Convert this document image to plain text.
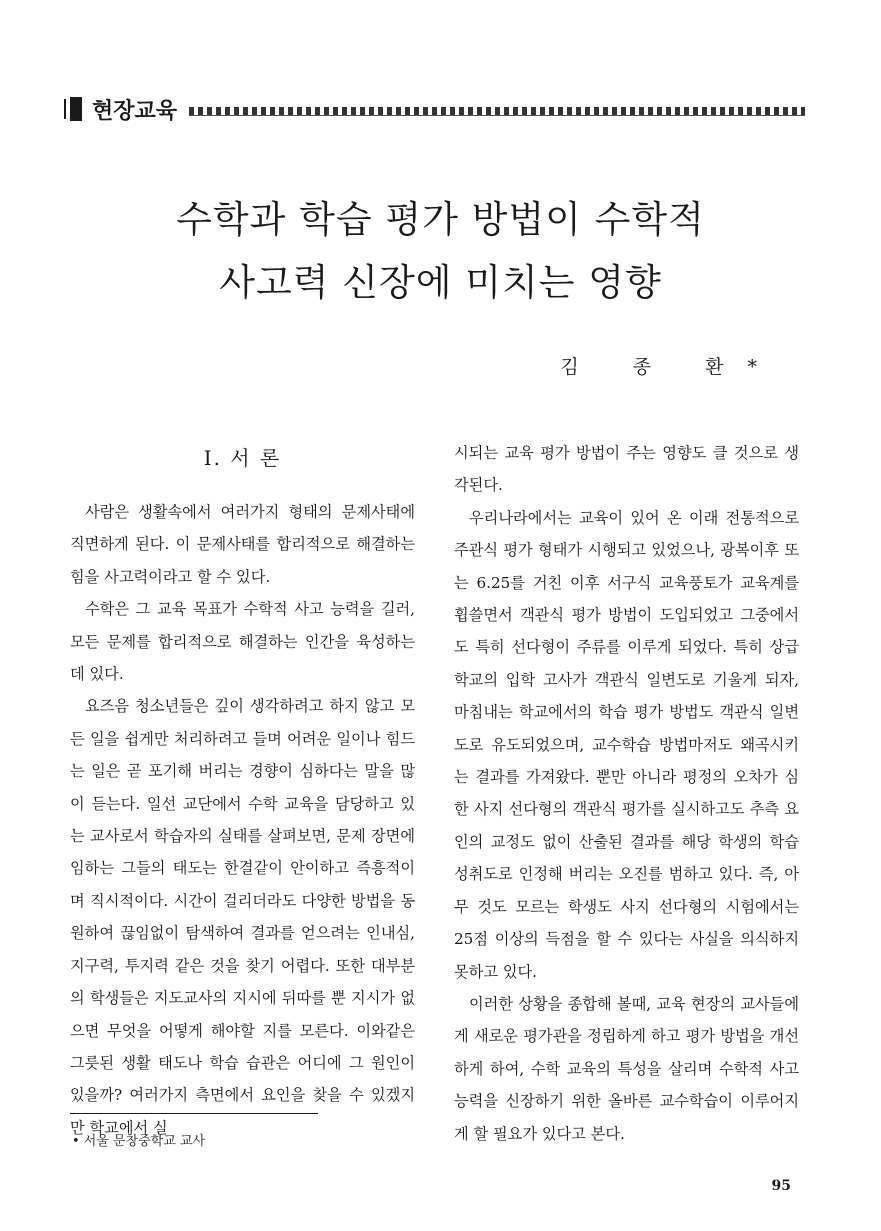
현장교육
수학과 학습 평가 방법이 수학적
사고력 신장에 미치는 영향
김 종 환*
Ⅰ. 서 론

사람은 생활속에서 여러가지 형태의 문제사태에 직면하게 된다. 이 문제사태를 합리적으로 해결하는 힘을 사고력이라고 할 수 있다.

수학은 그 교육 목표가 수학적 사고 능력을 길러, 모든 문제를 합리적으로 해결하는 인간을 육성하는 데 있다.

요즈음 청소년들은 깊이 생각하려고 하지 않고 모든 일을 쉽게만 처리하려고 들며 어려운 일이나 힘드는 일은 곧 포기해 버리는 경향이 심하다는 말을 많이 듣는다. 일선 교단에서 수학 교육을 담당하고 있는 교사로서 학습자의 실태를 살펴보면, 문제 장면에 임하는 그들의 태도는 한결같이 안이하고 즉흥적이며 직시적이다. 시간이 걸리더라도 다양한 방법을 동원하여 끊임없이 탐색하여 결과를 얻으려는 인내심, 지구력, 투지력 같은 것을 찾기 어렵다. 또한 대부분의 학생들은 지도교사의 지시에 뒤따를 뿐 지시가 없으면 무엇을 어떻게 해야할 지를 모른다. 이와같은 그릇된 생활 태도나 학습 습관은 어디에 그 원인이 있을까? 여러가지 측면에서 요인을 찾을 수 있겠지만 학교에서 실

시되는 교육 평가 방법이 주는 영향도 클 것으로 생각된다.

우리나라에서는 교육이 있어 온 이래 전통적으로 주관식 평가 형태가 시행되고 있었으나, 광복이후 또는 6.25를 거친 이후 서구식 교육풍토가 교육계를 휩쓸면서 객관식 평가 방법이 도입되었고 그중에서도 특히 선다형이 주류를 이루게 되었다. 특히 상급 학교의 입학 고사가 객관식 일변도로 기울게 되자, 마침내는 학교에서의 학습 평가 방법도 객관식 일변도로 유도되었으며, 교수학습 방법마저도 왜곡시키는 결과를 가져왔다. 뿐만 아니라 평정의 오차가 심한 사지 선다형의 객관식 평가를 실시하고도 추측 요인의 교정도 없이 산출된 결과를 해당 학생의 학습 성취도로 인정해 버리는 오진를 범하고 있다. 즉, 아무 것도 모르는 학생도 사지 선다형의 시험에서는 25점 이상의 득점을 할 수 있다는 사실을 의식하지 못하고 있다.

이러한 상황을 종합해 볼때, 교육 현장의 교사들에게 새로운 평가관을 정립하게 하고 평가 방법을 개선하게 하여, 수학 교육의 특성을 살리며 수학적 사고 능력을 신장하기 위한 올바른 교수학습이 이루어지게 할 필요가 있다고 본다.

• 서울 문창중학교 교사
95
